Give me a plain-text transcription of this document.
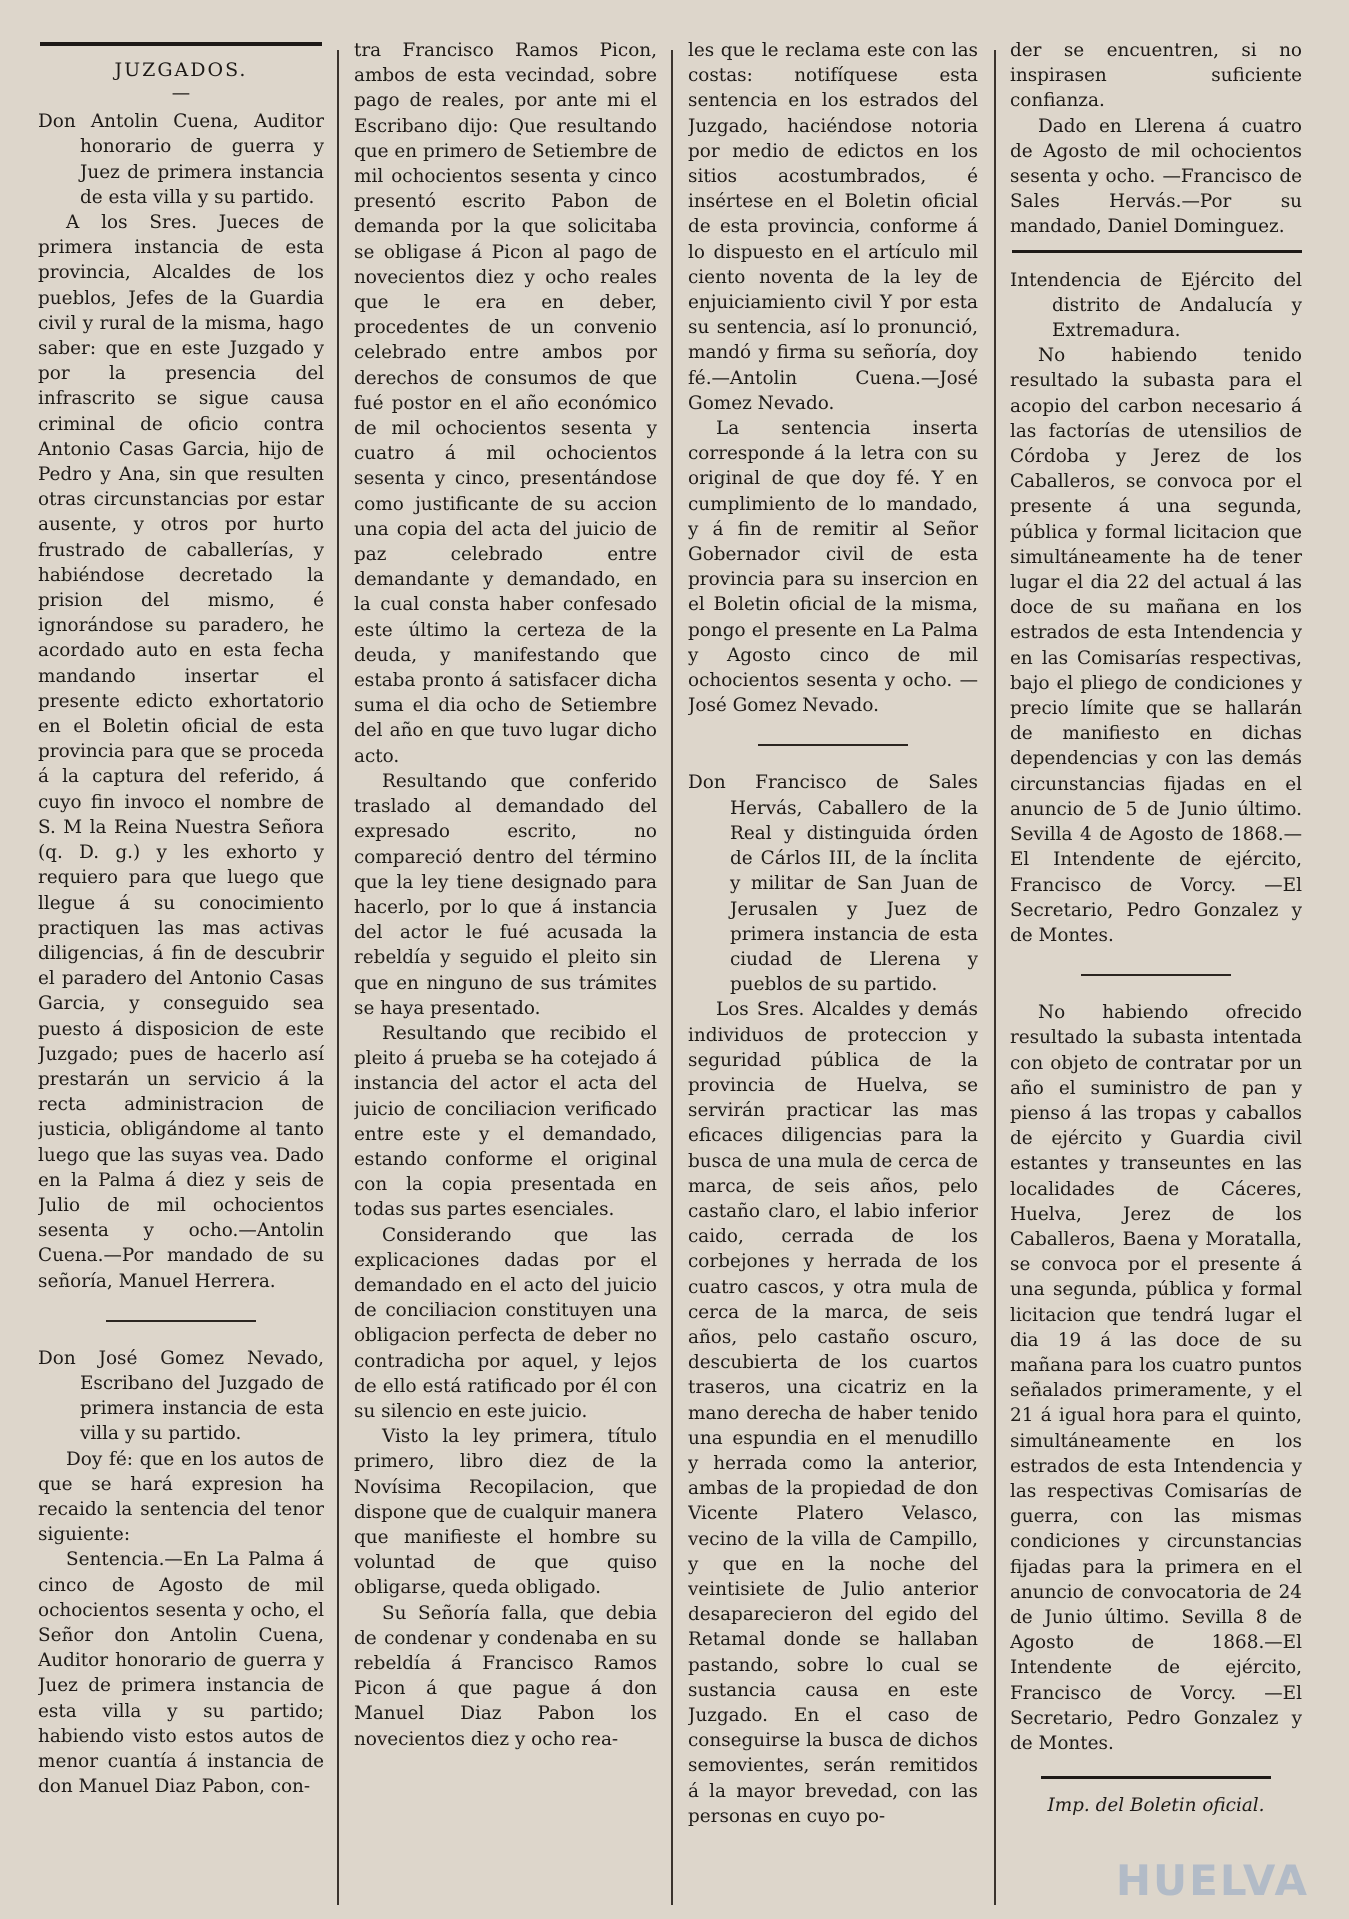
JUZGADOS.
—

Don Antolin Cuena, Auditor honorario de guerra y Juez de primera instancia de esta villa y su partido.

A los Sres. Jueces de primera instancia de esta provincia, Alcaldes de los pueblos, Jefes de la Guardia civil y rural de la misma, hago saber: que en este Juzgado y por la presencia del infrascrito se sigue causa criminal de oficio contra Antonio Casas Garcia, hijo de Pedro y Ana, sin que resulten otras circunstancias por estar ausente, y otros por hurto frustrado de caballerías, y habiéndose decretado la prision del mismo, é ignorándose su paradero, he acordado auto en esta fecha mandando insertar el presente edicto exhortatorio en el Boletin oficial de esta provincia para que se proceda á la captura del referido, á cuyo fin invoco el nombre de S. M la Reina Nuestra Señora (q. D. g.) y les exhorto y requiero para que luego que llegue á su conocimiento practiquen las mas activas diligencias, á fin de descubrir el paradero del Antonio Casas Garcia, y conseguido sea puesto á disposicion de este Juzgado; pues de hacerlo así prestarán un servicio á la recta administracion de justicia, obligándome al tanto luego que las suyas vea. Dado en la Palma á diez y seis de Julio de mil ochocientos sesenta y ocho.—Antolin Cuena.—Por mandado de su señoría, Manuel Herrera.

Don José Gomez Nevado, Escribano del Juzgado de primera instancia de esta villa y su partido.

Doy fé: que en los autos de que se hará expresion ha recaido la sentencia del tenor siguiente:

Sentencia.—En La Palma á cinco de Agosto de mil ochocientos sesenta y ocho, el Señor don Antolin Cuena, Auditor honorario de guerra y Juez de primera instancia de esta villa y su partido; habiendo visto estos autos de menor cuantía á instancia de don Manuel Diaz Pabon, con-

tra Francisco Ramos Picon, ambos de esta vecindad, sobre pago de reales, por ante mi el Escribano dijo: Que resultando que en primero de Setiembre de mil ochocientos sesenta y cinco presentó escrito Pabon de demanda por la que solicitaba se obligase á Picon al pago de novecientos diez y ocho reales que le era en deber, procedentes de un convenio celebrado entre ambos por derechos de consumos de que fué postor en el año económico de mil ochocientos sesenta y cuatro á mil ochocientos sesenta y cinco, presentándose como justificante de su accion una copia del acta del juicio de paz celebrado entre demandante y demandado, en la cual consta haber confesado este último la certeza de la deuda, y manifestando que estaba pronto á satisfacer dicha suma el dia ocho de Setiembre del año en que tuvo lugar dicho acto.

Resultando que conferido traslado al demandado del expresado escrito, no compareció dentro del término que la ley tiene designado para hacerlo, por lo que á instancia del actor le fué acusada la rebeldía y seguido el pleito sin que en ninguno de sus trámites se haya presentado.

Resultando que recibido el pleito á prueba se ha cotejado á instancia del actor el acta del juicio de conciliacion verificado entre este y el demandado, estando conforme el original con la copia presentada en todas sus partes esenciales.

Considerando que las explicaciones dadas por el demandado en el acto del juicio de conciliacion constituyen una obligacion perfecta de deber no contradicha por aquel, y lejos de ello está ratificado por él con su silencio en este juicio.

Visto la ley primera, título primero, libro diez de la Novísima Recopilacion, que dispone que de cualquir manera que manifieste el hombre su voluntad de que quiso obligarse, queda obligado.

Su Señoría falla, que debia de condenar y condenaba en su rebeldía á Francisco Ramos Picon á que pague á don Manuel Diaz Pabon los novecientos diez y ocho rea-

les que le reclama este con las costas: notifíquese esta sentencia en los estrados del Juzgado, haciéndose notoria por medio de edictos en los sitios acostumbrados, é insértese en el Boletin oficial de esta provincia, conforme á lo dispuesto en el artículo mil ciento noventa de la ley de enjuiciamiento civil Y por esta su sentencia, así lo pronunció, mandó y firma su señoría, doy fé.—Antolin Cuena.—José Gomez Nevado.

La sentencia inserta corresponde á la letra con su original de que doy fé. Y en cumplimiento de lo mandado, y á fin de remitir al Señor Gobernador civil de esta provincia para su insercion en el Boletin oficial de la misma, pongo el presente en La Palma y Agosto cinco de mil ochocientos sesenta y ocho. —José Gomez Nevado.

Don Francisco de Sales Hervás, Caballero de la Real y distinguida órden de Cárlos III, de la ínclita y militar de San Juan de Jerusalen y Juez de primera instancia de esta ciudad de Llerena y pueblos de su partido.

Los Sres. Alcaldes y demás individuos de proteccion y seguridad pública de la provincia de Huelva, se servirán practicar las mas eficaces diligencias para la busca de una mula de cerca de marca, de seis años, pelo castaño claro, el labio inferior caido, cerrada de los corbejones y herrada de los cuatro cascos, y otra mula de cerca de la marca, de seis años, pelo castaño oscuro, descubierta de los cuartos traseros, una cicatriz en la mano derecha de haber tenido una espundia en el menudillo y herrada como la anterior, ambas de la propiedad de don Vicente Platero Velasco, vecino de la villa de Campillo, y que en la noche del veintisiete de Julio anterior desaparecieron del egido del Retamal donde se hallaban pastando, sobre lo cual se sustancia causa en este Juzgado. En el caso de conseguirse la busca de dichos semovientes, serán remitidos á la mayor brevedad, con las personas en cuyo po-

der se encuentren, si no inspirasen suficiente confianza.

Dado en Llerena á cuatro de Agosto de mil ochocientos sesenta y ocho. —Francisco de Sales Hervás.—Por su mandado, Daniel Dominguez.

Intendencia de Ejército del distrito de Andalucía y Extremadura.

No habiendo tenido resultado la subasta para el acopio del carbon necesario á las factorías de utensilios de Córdoba y Jerez de los Caballeros, se convoca por el presente á una segunda, pública y formal licitacion que simultáneamente ha de tener lugar el dia 22 del actual á las doce de su mañana en los estrados de esta Intendencia y en las Comisarías respectivas, bajo el pliego de condiciones y precio límite que se hallarán de manifiesto en dichas dependencias y con las demás circunstancias fijadas en el anuncio de 5 de Junio último. Sevilla 4 de Agosto de 1868.—El Intendente de ejército, Francisco de Vorcy. —El Secretario, Pedro Gonzalez y de Montes.

No habiendo ofrecido resultado la subasta intentada con objeto de contratar por un año el suministro de pan y pienso á las tropas y caballos de ejército y Guardia civil estantes y transeuntes en las localidades de Cáceres, Huelva, Jerez de los Caballeros, Baena y Moratalla, se convoca por el presente á una segunda, pública y formal licitacion que tendrá lugar el dia 19 á las doce de su mañana para los cuatro puntos señalados primeramente, y el 21 á igual hora para el quinto, simultáneamente en los estrados de esta Intendencia y las respectivas Comisarías de guerra, con las mismas condiciones y circunstancias fijadas para la primera en el anuncio de convocatoria de 24 de Junio último. Sevilla 8 de Agosto de 1868.—El Intendente de ejército, Francisco de Vorcy. —El Secretario, Pedro Gonzalez y de Montes.

Imp. del Boletin oficial.
HUELVA
